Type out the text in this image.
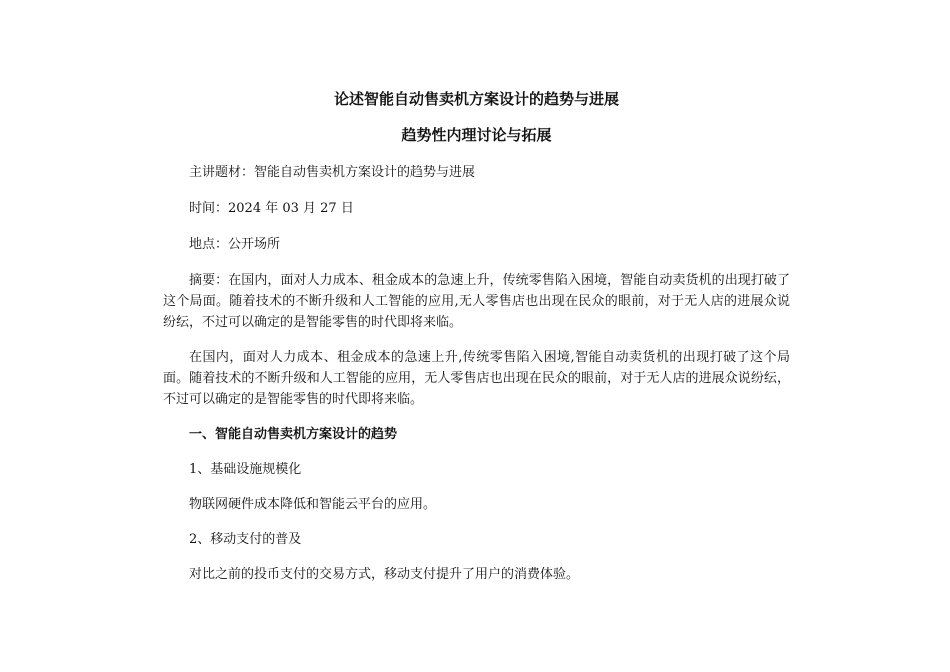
论述智能自动售卖机方案设计的趋势与进展
趋势性内理讨论与拓展
主讲题材：智能自动售卖机方案设计的趋势与进展
时间：2024 年 03 月 27 日
地点：公开场所
摘要：在国内，面对人力成本、租金成本的急速上升，传统零售陷入困境，智能自动卖货机的出现打破了这个局面。随着技术的不断升级和人工智能的应用,无人零售店也出现在民众的眼前，对于无人店的进展众说纷纭，不过可以确定的是智能零售的时代即将来临。
在国内，面对人力成本、租金成本的急速上升,传统零售陷入困境,智能自动卖货机的出现打破了这个局面。随着技术的不断升级和人工智能的应用，无人零售店也出现在民众的眼前，对于无人店的进展众说纷纭，不过可以确定的是智能零售的时代即将来临。
一、智能自动售卖机方案设计的趋势
1、基础设施规模化
物联网硬件成本降低和智能云平台的应用。
2、移动支付的普及
对比之前的投币支付的交易方式，移动支付提升了用户的消费体验。
